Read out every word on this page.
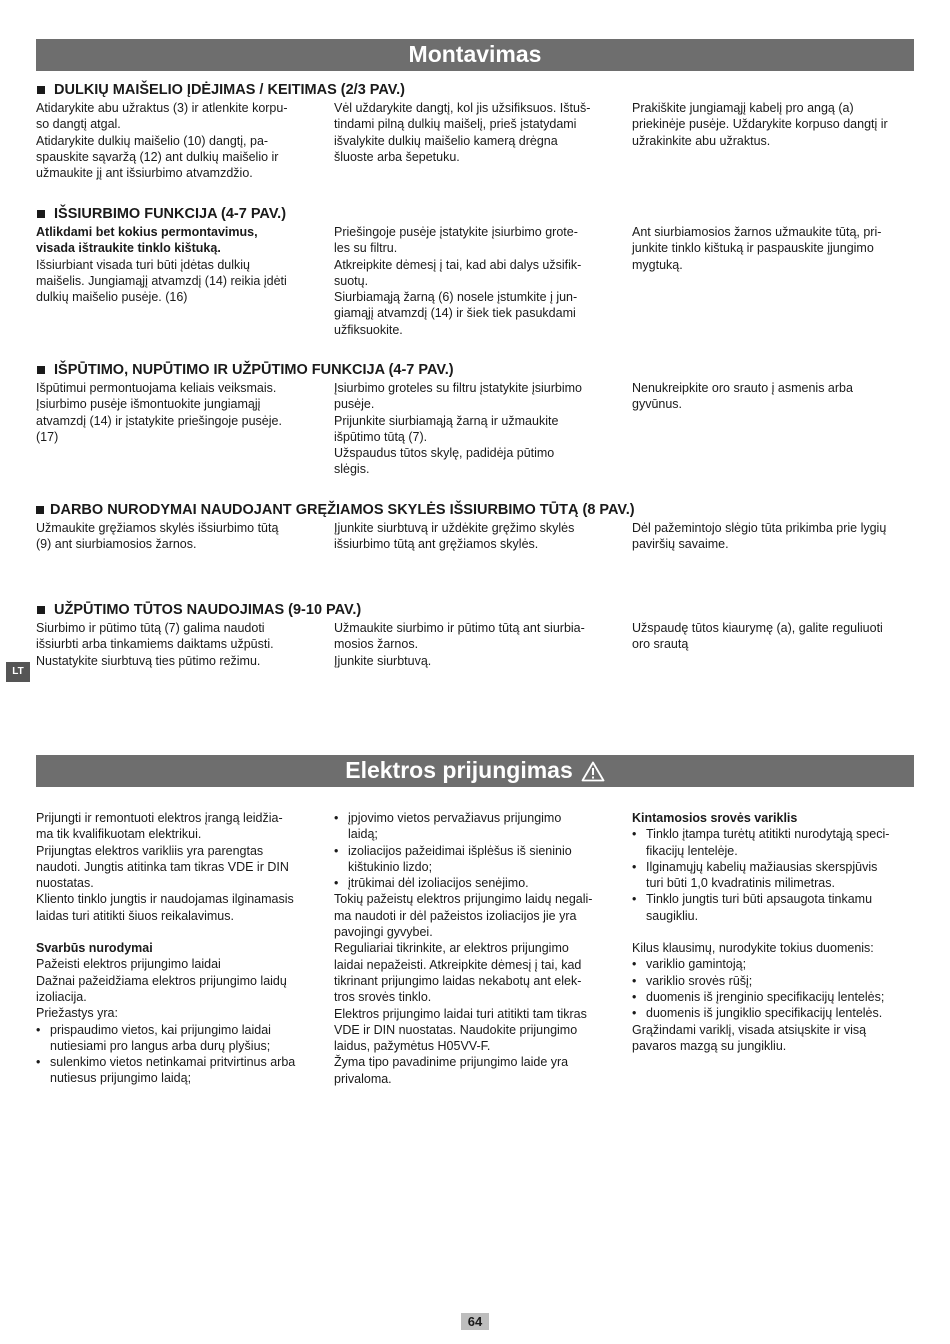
Montavimas
DULKIŲ MAIŠELIO ĮDĖJIMAS / KEITIMAS (2/3 PAV.)

Atidarykite abu užraktus (3) ir atlenkite korpu-

so dangtį atgal.

Atidarykite dulkių maišelio (10) dangtį, pa-

spauskite sąvaržą (12) ant dulkių maišelio ir

užmaukite jį ant išsiurbimo atvamzdžio.

Vėl uždarykite dangtį, kol jis užsifiksuos. Ištuš-

tindami pilną dulkių maišelį, prieš įstatydami

išvalykite dulkių maišelio kamerą drėgna

šluoste arba šepetuku.

Prakiškite jungiamąjį kabelį pro angą (a)

priekinėje pusėje. Uždarykite korpuso dangtį ir

užrakinkite abu užraktus.

IŠSIURBIMO FUNKCIJA (4-7 PAV.)

Atlikdami bet kokius permontavimus,

visada ištraukite tinklo kištuką.

Išsiurbiant visada turi būti įdėtas dulkių

maišelis. Jungiamąjį atvamzdį (14) reikia įdėti

dulkių maišelio pusėje. (16)

Priešingoje pusėje įstatykite įsiurbimo grote-

les su filtru.

Atkreipkite dėmesį į tai, kad abi dalys užsifik-

suotų.

Siurbiamąją žarną (6) nosele įstumkite į jun-

giamąjį atvamzdį (14) ir šiek tiek pasukdami

užfiksuokite.

Ant siurbiamosios žarnos užmaukite tūtą, pri-

junkite tinklo kištuką ir paspauskite įjungimo

mygtuką.

IŠPŪTIMO, NUPŪTIMO IR UŽPŪTIMO FUNKCIJA (4-7 PAV.)

Išpūtimui permontuojama keliais veiksmais.

Įsiurbimo pusėje išmontuokite jungiamąjį

atvamzdį (14) ir įstatykite priešingoje pusėje.

(17)

Įsiurbimo groteles su filtru įstatykite įsiurbimo

pusėje.

Prijunkite siurbiamąją žarną ir užmaukite

išpūtimo tūtą (7).

Užspaudus tūtos skylę, padidėja pūtimo

slėgis.

Nenukreipkite oro srauto į asmenis arba

gyvūnus.

DARBO NURODYMAI NAUDOJANT GRĘŽIAMOS SKYLĖS IŠSIURBIMO TŪTĄ (8 PAV.)

Užmaukite gręžiamos skylės išsiurbimo tūtą

(9) ant siurbiamosios žarnos.

Įjunkite siurbtuvą ir uždėkite gręžimo skylės

išsiurbimo tūtą ant gręžiamos skylės.

Dėl pažemintojo slėgio tūta prikimba prie lygių

paviršių savaime.

UŽPŪTIMO TŪTOS NAUDOJIMAS (9-10 PAV.)

Siurbimo ir pūtimo tūtą (7) galima naudoti

išsiurbti arba tinkamiems daiktams užpūsti.

Nustatykite siurbtuvą ties pūtimo režimu.

Užmaukite siurbimo ir pūtimo tūtą ant siurbia-

mosios žarnos.

Įjunkite siurbtuvą.

Užspaudę tūtos kiaurymę (a), galite reguliuoti

oro srautą

LT
Elektros prijungimas

Prijungti ir remontuoti elektros įrangą leidžia-

ma tik kvalifikuotam elektrikui.

Prijungtas elektros varikliis yra parengtas

naudoti. Jungtis atitinka tam tikras VDE ir DIN

nuostatas.

Kliento tinklo jungtis ir naudojamas ilginamasis

laidas turi atitikti šiuos reikalavimus.

Svarbūs nurodymai

Pažeisti elektros prijungimo laidai

Dažnai pažeidžiama elektros prijungimo laidų

izoliacija.

Priežastys yra:

• prispaudimo vietos, kai prijungimo laidai

nutiesiami pro langus arba durų plyšius;

• sulenkimo vietos netinkamai pritvirtinus arba

nutiesus prijungimo laidą;

• įpjovimo vietos pervažiavus prijungimo

laidą;

• izoliacijos pažeidimai išplėšus iš sieninio

kištukinio lizdo;

• įtrūkimai dėl izoliacijos senėjimo.

Tokių pažeistų elektros prijungimo laidų negali-

ma naudoti ir dėl pažeistos izoliacijos jie yra

pavojingi gyvybei.

Reguliariai tikrinkite, ar elektros prijungimo

laidai nepažeisti. Atkreipkite dėmesį į tai, kad

tikrinant prijungimo laidas nekabotų ant elek-

tros srovės tinklo.

Elektros prijungimo laidai turi atitikti tam tikras

VDE ir DIN nuostatas. Naudokite prijungimo

laidus, pažymėtus H05VV-F.

Žyma tipo pavadinime prijungimo laide yra

privaloma.

Kintamosios srovės variklis

• Tinklo įtampa turėtų atitikti nurodytąją speci-

fikacijų lentelėje.

• Ilginamųjų kabelių mažiausias skerspjūvis

turi būti 1,0 kvadratinis milimetras.

• Tinklo jungtis turi būti apsaugota tinkamu

saugikliu.

Kilus klausimų, nurodykite tokius duomenis:

• variklio gamintoją;

• variklio srovės rūšį;

• duomenis iš įrenginio specifikacijų lentelės;

• duomenis iš jungiklio specifikacijų lentelės.

Grąžindami variklį, visada atsiųskite ir visą

pavaros mazgą su jungikliu.

64
